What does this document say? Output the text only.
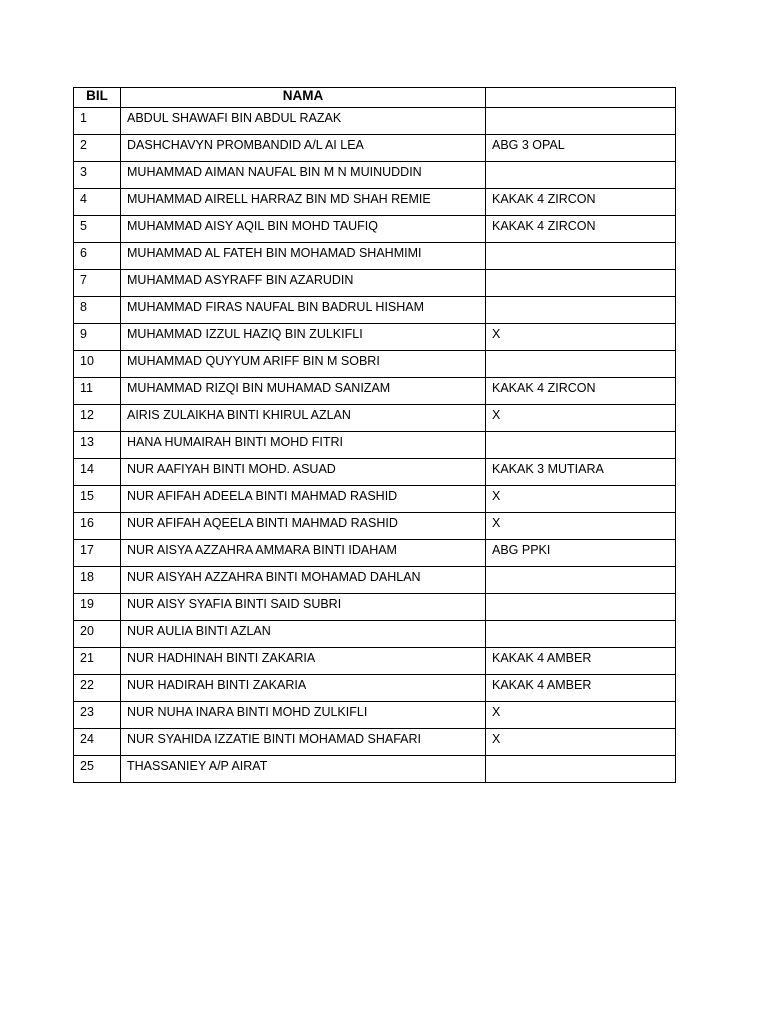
BIL	NAMA	
1	ABDUL SHAWAFI BIN ABDUL RAZAK	
2	DASHCHAVYN PROMBANDID A/L AI LEA	ABG 3 OPAL
3	MUHAMMAD AIMAN NAUFAL BIN M N MUINUDDIN	
4	MUHAMMAD AIRELL HARRAZ BIN MD SHAH REMIE	KAKAK 4 ZIRCON
5	MUHAMMAD AISY AQIL BIN MOHD TAUFIQ	KAKAK 4 ZIRCON
6	MUHAMMAD AL FATEH BIN MOHAMAD SHAHMIMI	
7	MUHAMMAD ASYRAFF BIN AZARUDIN	
8	MUHAMMAD FIRAS NAUFAL BIN BADRUL HISHAM	
9	MUHAMMAD IZZUL HAZIQ BIN ZULKIFLI	X
10	MUHAMMAD QUYYUM ARIFF BIN M SOBRI	
11	MUHAMMAD RIZQI BIN MUHAMAD SANIZAM	KAKAK 4 ZIRCON
12	AIRIS ZULAIKHA BINTI KHIRUL AZLAN	X
13	HANA HUMAIRAH BINTI MOHD FITRI	
14	NUR AAFIYAH BINTI MOHD. ASUAD	KAKAK 3 MUTIARA
15	NUR AFIFAH ADEELA BINTI MAHMAD RASHID	X
16	NUR AFIFAH AQEELA BINTI MAHMAD RASHID	X
17	NUR AISYA AZZAHRA AMMARA BINTI IDAHAM	ABG PPKI
18	NUR AISYAH AZZAHRA BINTI MOHAMAD DAHLAN	
19	NUR AISY SYAFIA BINTI SAID SUBRI	
20	NUR AULIA BINTI AZLAN	
21	NUR HADHINAH BINTI ZAKARIA	KAKAK 4 AMBER
22	NUR HADIRAH BINTI ZAKARIA	KAKAK 4 AMBER
23	NUR NUHA INARA BINTI MOHD ZULKIFLI	X
24	NUR SYAHIDA IZZATIE BINTI MOHAMAD SHAFARI	X
25	THASSANIEY A/P AIRAT	
